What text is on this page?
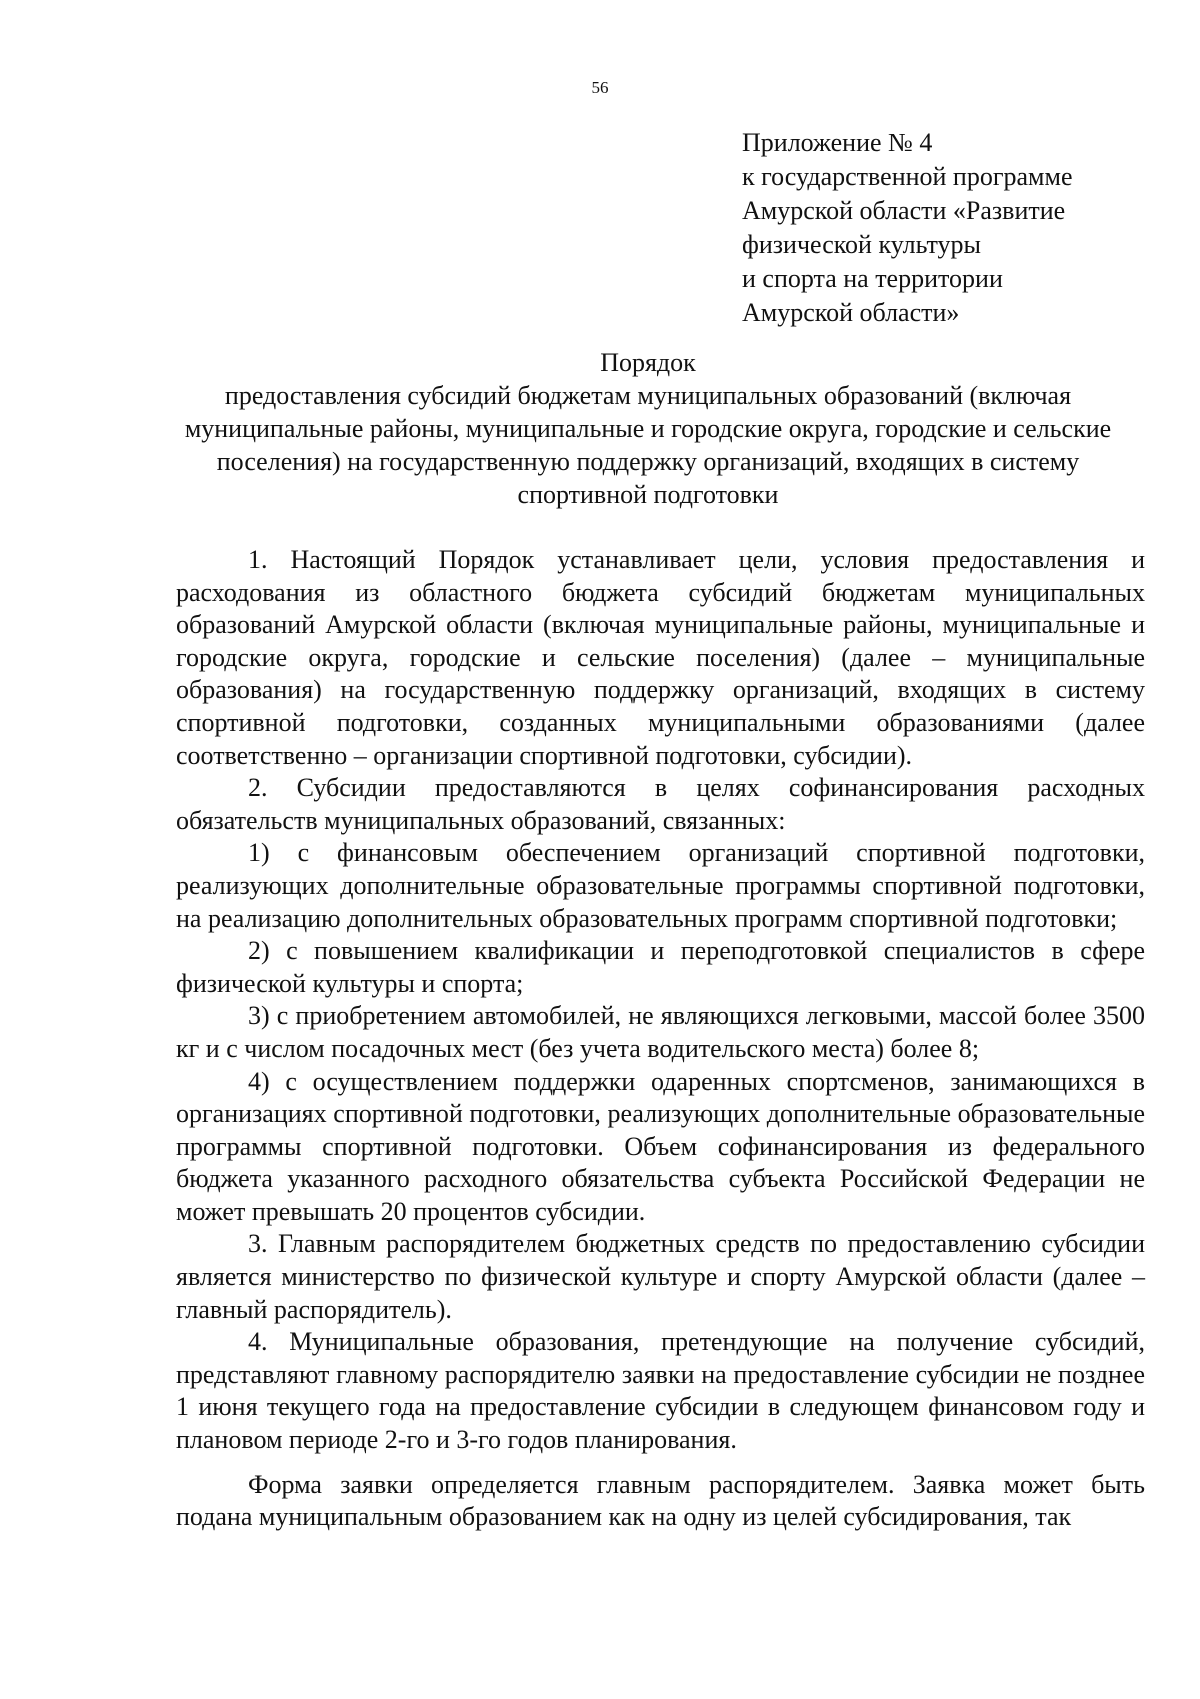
56
Приложение № 4
к государственной программе
Амурской области «Развитие
физической культуры
и спорта на территории
Амурской области»
Порядок
предоставления субсидий бюджетам муниципальных образований (включая муниципальные районы, муниципальные и городские округа, городские и сельские поселения) на государственную поддержку организаций, входящих в систему спортивной подготовки

1. Настоящий Порядок устанавливает цели, условия предоставления и расходования из областного бюджета субсидий бюджетам муниципальных образований Амурской области (включая муниципальные районы, муниципальные и городские округа, городские и сельские поселения) (далее – муниципальные образования) на государственную поддержку организаций, входящих в систему спортивной подготовки, созданных муниципальными образованиями (далее соответственно – организации спортивной подготовки, субсидии).

2. Субсидии предоставляются в целях софинансирования расходных обязательств муниципальных образований, связанных:

1) с финансовым обеспечением организаций спортивной подготовки, реализующих дополнительные образовательные программы спортивной подготовки, на реализацию дополнительных образовательных программ спортивной подготовки;

2) с повышением квалификации и переподготовкой специалистов в сфере физической культуры и спорта;

3) с приобретением автомобилей, не являющихся легковыми, массой более 3500 кг и с числом посадочных мест (без учета водительского места) более 8;

4) с осуществлением поддержки одаренных спортсменов, занимающихся в организациях спортивной подготовки, реализующих дополнительные образовательные программы спортивной подготовки. Объем софинансирования из федерального бюджета указанного расходного обязательства субъекта Российской Федерации не может превышать 20 процентов субсидии.

3. Главным распорядителем бюджетных средств по предоставлению субсидии является министерство по физической культуре и спорту Амурской области (далее – главный распорядитель).

4. Муниципальные образования, претендующие на получение субсидий, представляют главному распорядителю заявки на предоставление субсидии не позднее 1 июня текущего года на предоставление субсидии в следующем финансовом году и плановом периоде 2-го и 3-го годов планирования.

Форма заявки определяется главным распорядителем. Заявка может быть подана муниципальным образованием как на одну из целей субсидирования, так
